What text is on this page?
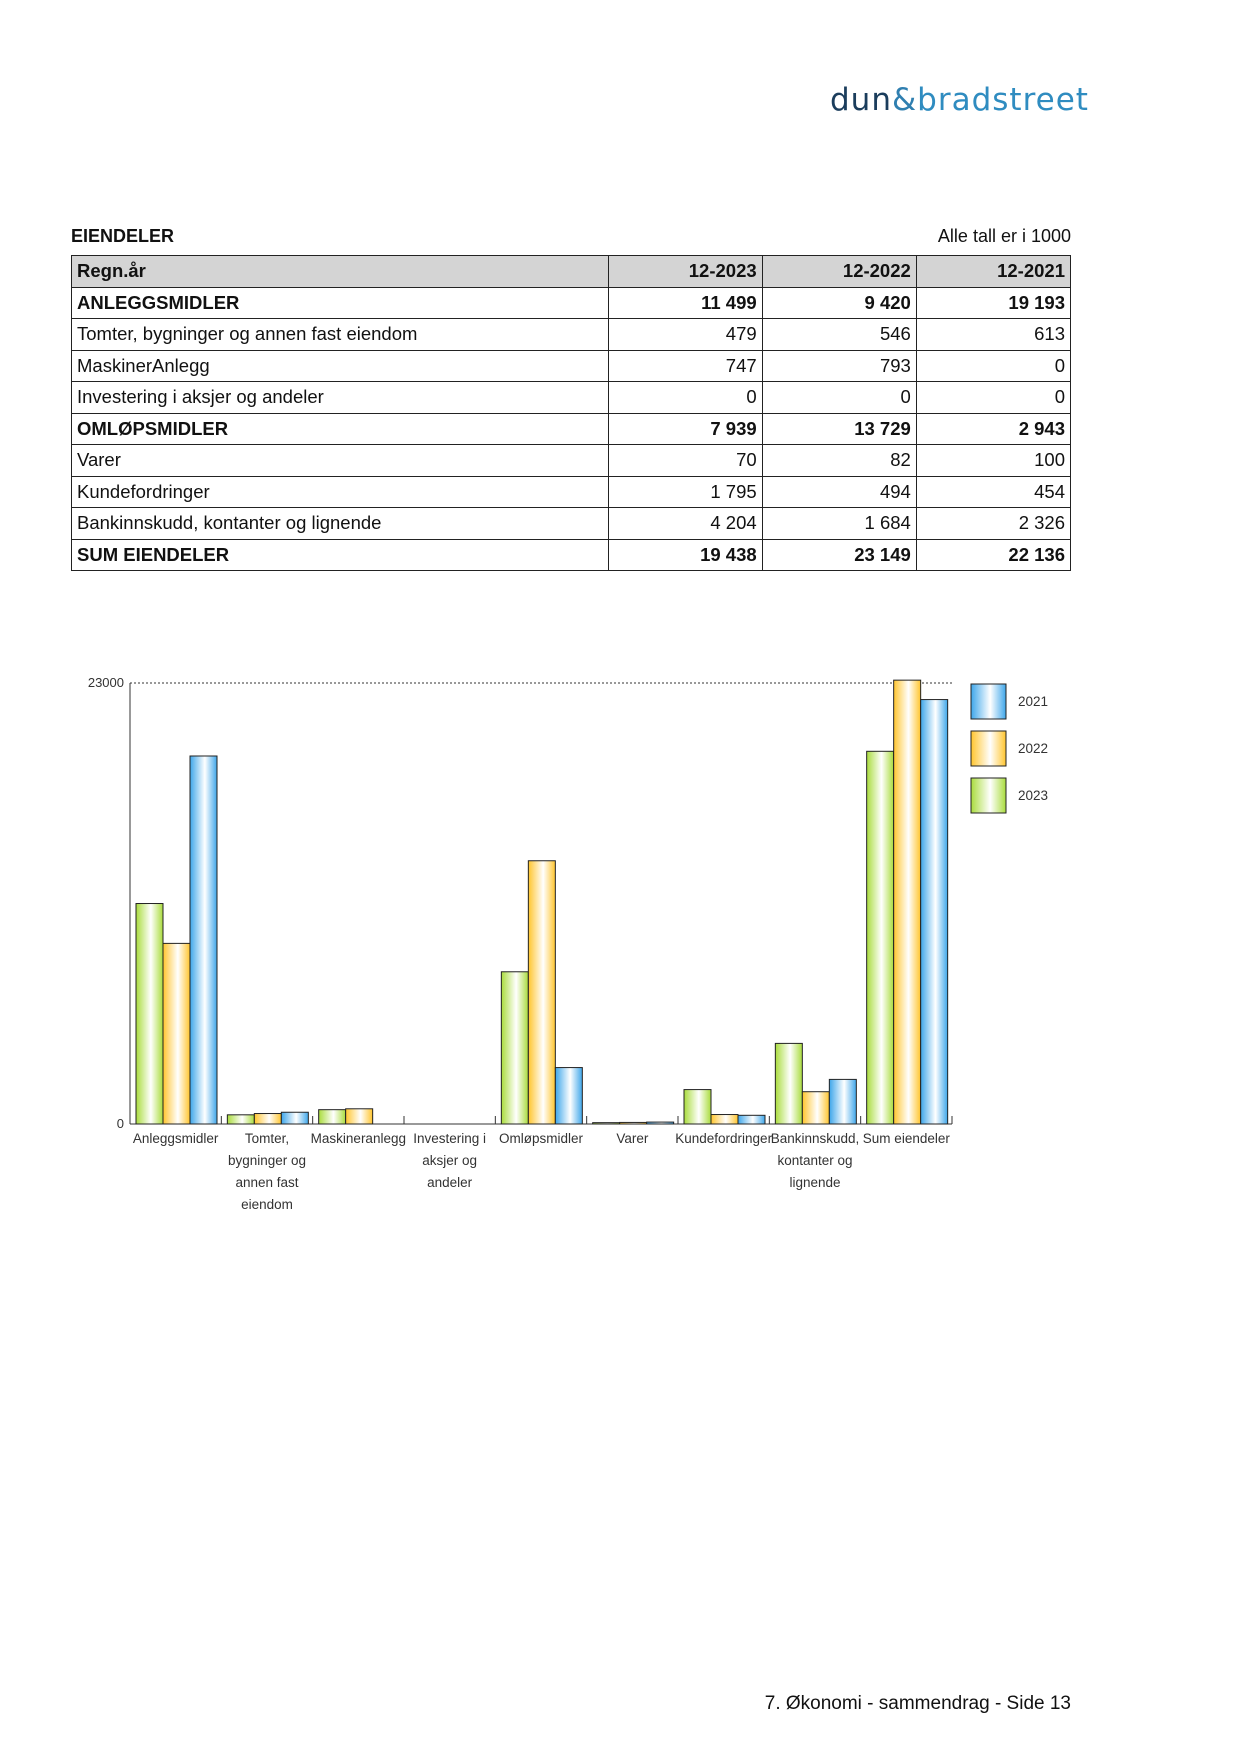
dun&bradstreet
EIENDELER	Alle tall er i 1000
Regn.år	12-2023	12-2022	12-2021
ANLEGGSMIDLER	11 499	9 420	19 193
Tomter, bygninger og annen fast eiendom	479	546	613
MaskinerAnlegg	747	793	0
Investering i aksjer og andeler	0	0	0
OMLØPSMIDLER	7 939	13 729	2 943
Varer	70	82	100
Kundefordringer	1 795	494	454
Bankinnskudd, kontanter og lignende	4 204	1 684	2 326
SUM EIENDELER	19 438	23 149	22 136
0
23000
Anleggsmidler Tomter,
bygninger og
annen fast
eiendom
Maskineranlegg Investering i
aksjer og
andeler
Omløpsmidler Varer Kundefordringer
Bankinnskudd,
kontanter og
lignende
Sum eiendeler
2021
2022
2023
7. Økonomi - sammendrag - Side 13
